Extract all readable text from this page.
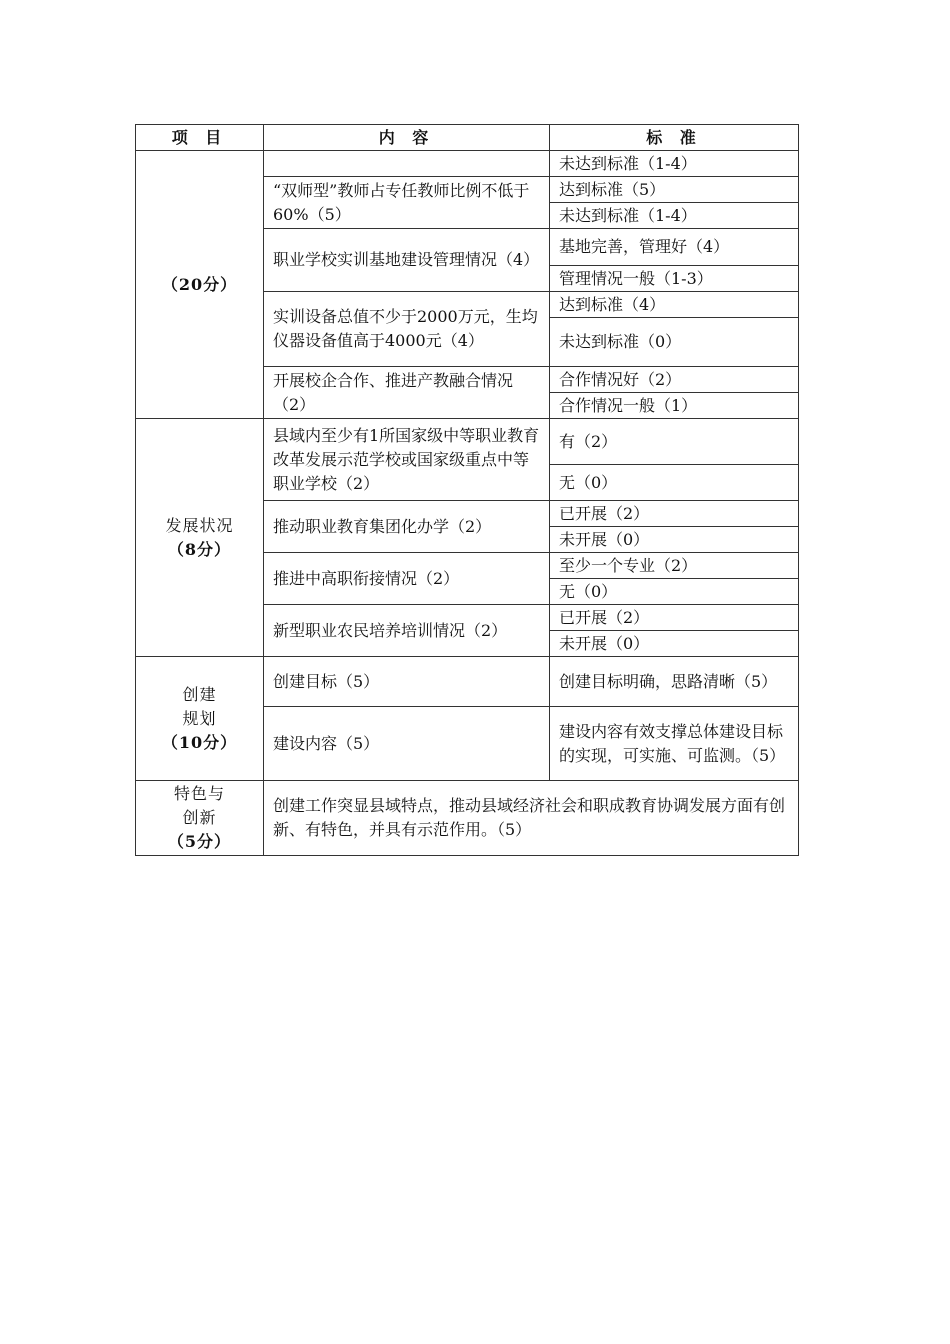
项 目	内 容	标 准

（20分）		未达到标准（1-4）
	“双师型”教师占专任教师比例不低于60%（5）	达到标准（5）
		未达到标准（1-4）
	职业学校实训基地建设管理情况（4）	基地完善，管理好（4）
		管理情况一般（1-3）
	实训设备总值不少于2000万元，生均仪器设备值高于4000元（4）	达到标准（4）
		未达到标准（0）
	开展校企合作、推进产教融合情况（2）	合作情况好（2）
		合作情况一般（1）

发展状况
（8分）	县域内至少有1所国家级中等职业教育改革发展示范学校或国家级重点中等职业学校（2）	有（2）
		无（0）
	推动职业教育集团化办学（2）	已开展（2）
		未开展（0）
	推进中高职衔接情况（2）	至少一个专业（2）
		无（0）
	新型职业农民培养培训情况（2）	已开展（2）
		未开展（0）

创建
规划
（10分）	创建目标（5）	创建目标明确，思路清晰（5）
	建设内容（5）	建设内容有效支撑总体建设目标的实现，可实施、可监测。（5）

特色与
创新
（5分）	创建工作突显县域特点，推动县域经济社会和职成教育协调发展方面有创新、有特色，并具有示范作用。（5）	
